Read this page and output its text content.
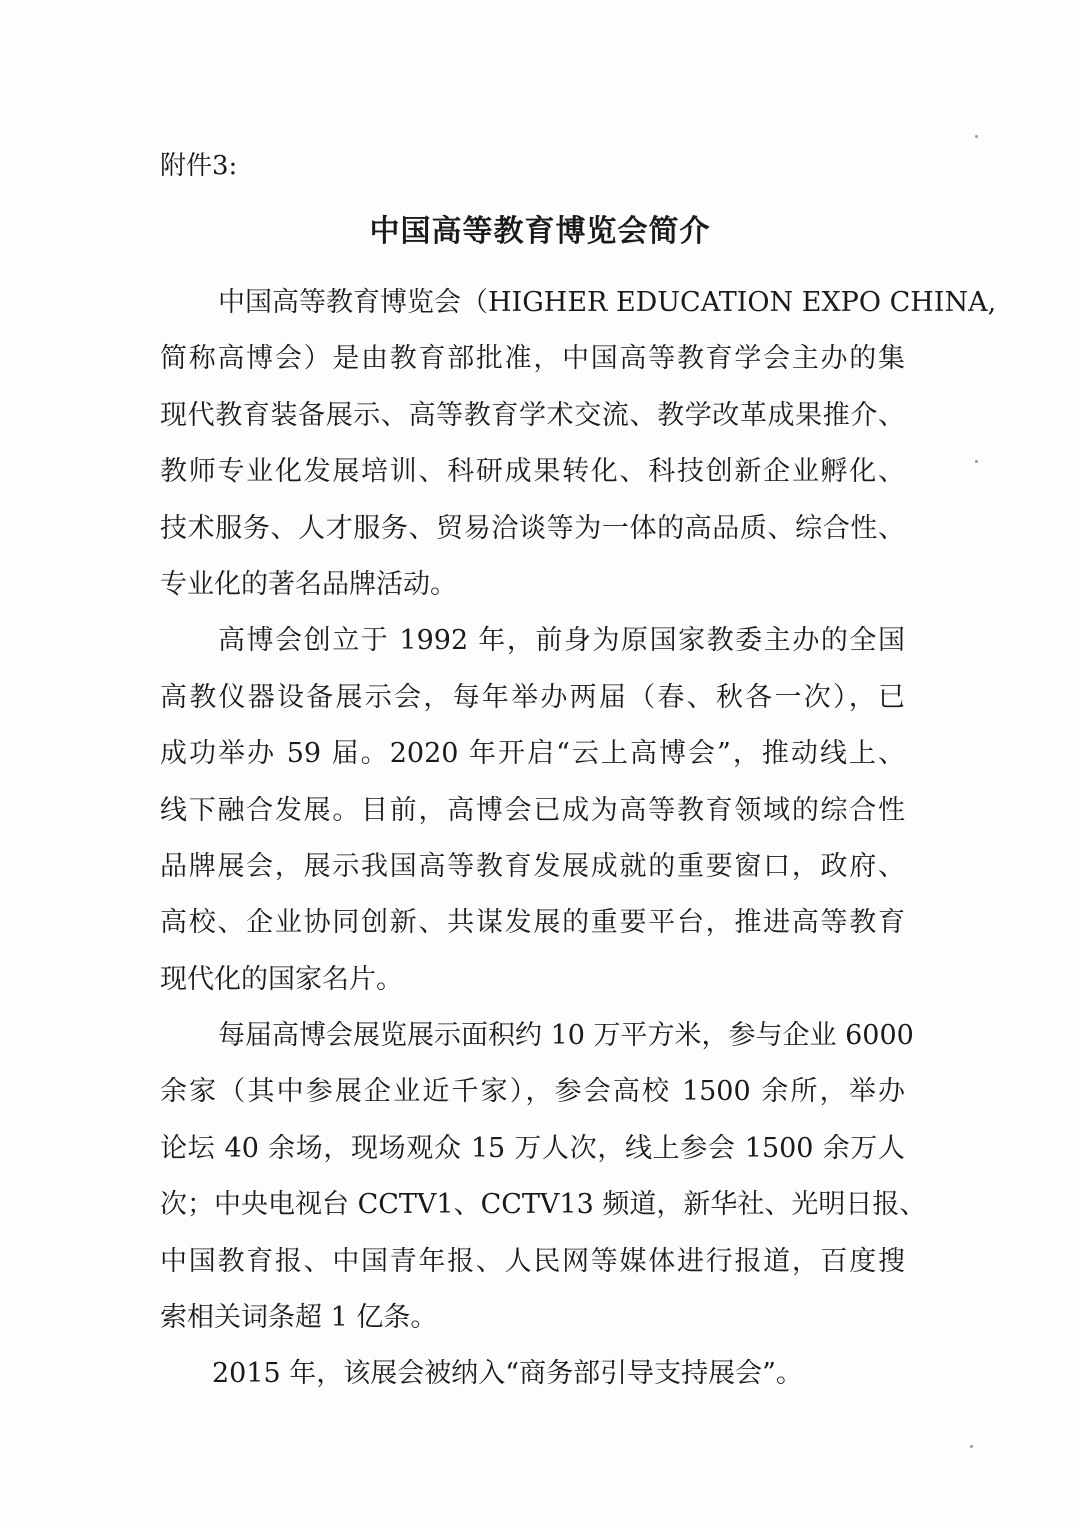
附件3:
中国高等教育博览会简介
中国高等教育博览会（HIGHER EDUCATION EXPO CHINA,
简称高博会）是由教育部批准，中国高等教育学会主办的集
现代教育装备展示、高等教育学术交流、教学改革成果推介、
教师专业化发展培训、科研成果转化、科技创新企业孵化、
技术服务、人才服务、贸易洽谈等为一体的高品质、综合性、
专业化的著名品牌活动。
高博会创立于 1992 年，前身为原国家教委主办的全国
高教仪器设备展示会，每年举办两届（春、秋各一次），已
成功举办 59 届。2020 年开启“云上高博会”，推动线上、
线下融合发展。目前，高博会已成为高等教育领域的综合性
品牌展会，展示我国高等教育发展成就的重要窗口，政府、
高校、企业协同创新、共谋发展的重要平台，推进高等教育
现代化的国家名片。
每届高博会展览展示面积约 10 万平方米，参与企业 6000
余家（其中参展企业近千家），参会高校 1500 余所，举办
论坛 40 余场，现场观众 15 万人次，线上参会 1500 余万人
次；中央电视台 CCTV1、CCTV13 频道，新华社、光明日报、
中国教育报、中国青年报、人民网等媒体进行报道，百度搜
索相关词条超 1 亿条。
2015 年，该展会被纳入“商务部引导支持展会”。
